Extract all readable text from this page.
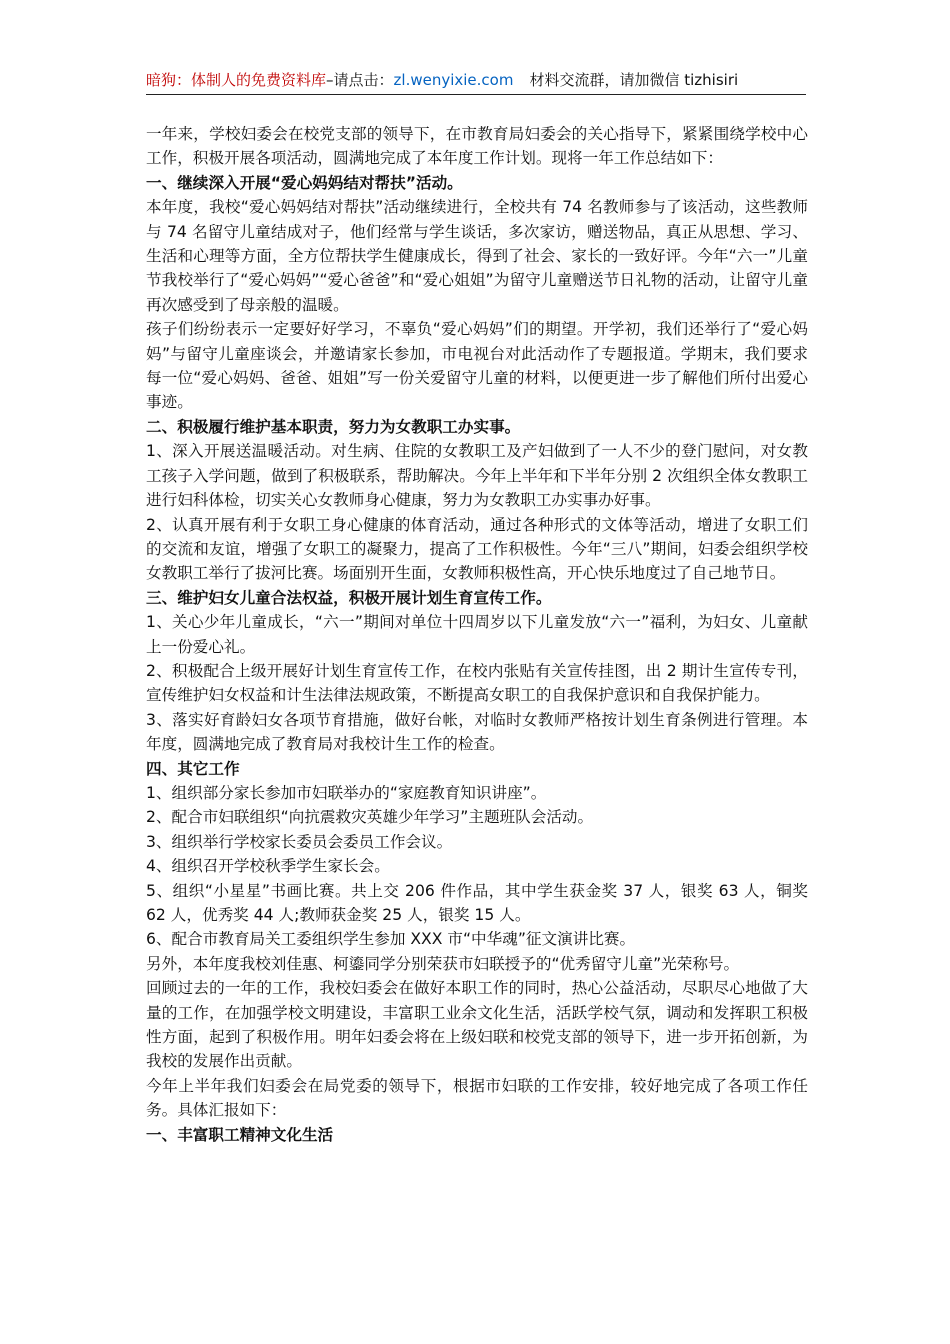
暗狗：体制人的免费资料库–请点击：zl.wenyixie.com 材料交流群，请加微信 tizhisiri

一年来，学校妇委会在校党支部的领导下，在市教育局妇委会的关心指导下，紧紧围绕学校中心工作，积极开展各项活动，圆满地完成了本年度工作计划。现将一年工作总结如下：

一、继续深入开展“爱心妈妈结对帮扶”活动。

本年度，我校“爱心妈妈结对帮扶”活动继续进行，全校共有 74 名教师参与了该活动，这些教师与 74 名留守儿童结成对子，他们经常与学生谈话，多次家访，赠送物品，真正从思想、学习、生活和心理等方面，全方位帮扶学生健康成长，得到了社会、家长的一致好评。今年“六一”儿童节我校举行了“爱心妈妈”“爱心爸爸”和“爱心姐姐”为留守儿童赠送节日礼物的活动，让留守儿童再次感受到了母亲般的温暖。

孩子们纷纷表示一定要好好学习，不辜负“爱心妈妈”们的期望。开学初，我们还举行了“爱心妈妈”与留守儿童座谈会，并邀请家长参加，市电视台对此活动作了专题报道。学期末，我们要求每一位“爱心妈妈、爸爸、姐姐”写一份关爱留守儿童的材料，以便更进一步了解他们所付出爱心事迹。

二、积极履行维护基本职责，努力为女教职工办实事。

1、深入开展送温暖活动。对生病、住院的女教职工及产妇做到了一人不少的登门慰问，对女教工孩子入学问题，做到了积极联系，帮助解决。今年上半年和下半年分别 2 次组织全体女教职工进行妇科体检，切实关心女教师身心健康，努力为女教职工办实事办好事。

2、认真开展有利于女职工身心健康的体育活动，通过各种形式的文体等活动，增进了女职工们的交流和友谊，增强了女职工的凝聚力，提高了工作积极性。今年“三八”期间，妇委会组织学校女教职工举行了拔河比赛。场面别开生面，女教师积极性高，开心快乐地度过了自己地节日。

三、维护妇女儿童合法权益，积极开展计划生育宣传工作。

1、关心少年儿童成长，“六一”期间对单位十四周岁以下儿童发放“六一”福利，为妇女、儿童献上一份爱心礼。

2、积极配合上级开展好计划生育宣传工作，在校内张贴有关宣传挂图，出 2 期计生宣传专刊，宣传维护妇女权益和计生法律法规政策，不断提高女职工的自我保护意识和自我保护能力。

3、落实好育龄妇女各项节育措施，做好台帐，对临时女教师严格按计划生育条例进行管理。本年度，圆满地完成了教育局对我校计生工作的检查。

四、其它工作

1、组织部分家长参加市妇联举办的“家庭教育知识讲座”。

2、配合市妇联组织“向抗震救灾英雄少年学习”主题班队会活动。

3、组织举行学校家长委员会委员工作会议。

4、组织召开学校秋季学生家长会。

5、组织“小星星”书画比赛。共上交 206 件作品，其中学生获金奖 37 人，银奖 63 人，铜奖 62 人，优秀奖 44 人;教师获金奖 25 人，银奖 15 人。

6、配合市教育局关工委组织学生参加 XXX 市“中华魂”征文演讲比赛。

另外，本年度我校刘佳惠、柯鎏同学分别荣获市妇联授予的“优秀留守儿童”光荣称号。

回顾过去的一年的工作，我校妇委会在做好本职工作的同时，热心公益活动，尽职尽心地做了大量的工作，在加强学校文明建设，丰富职工业余文化生活，活跃学校气氛，调动和发挥职工积极性方面，起到了积极作用。明年妇委会将在上级妇联和校党支部的领导下，进一步开拓创新，为我校的发展作出贡献。

今年上半年我们妇委会在局党委的领导下，根据市妇联的工作安排，较好地完成了各项工作任务。具体汇报如下：

一、丰富职工精神文化生活
